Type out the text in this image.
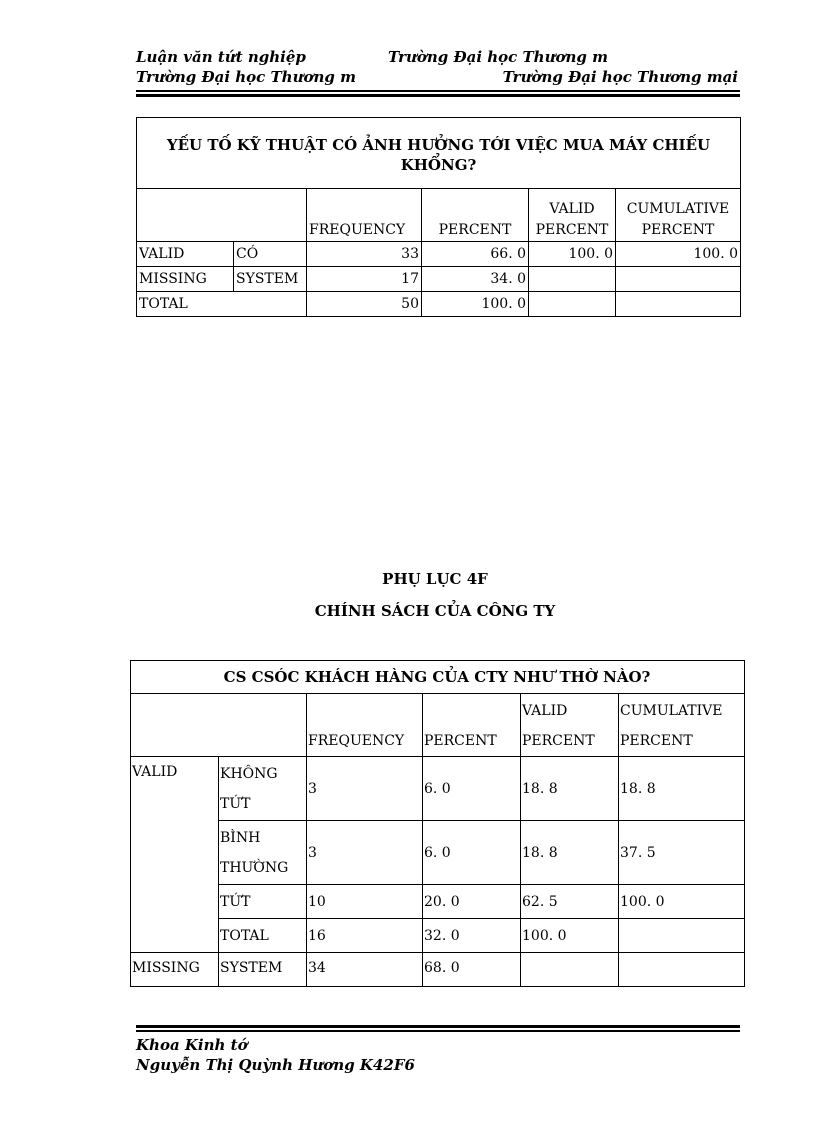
Luận văn tứt nghiệp	Trường Đại học Thương m
Trường Đại học Thương m	Trường Đại học Thương mại
YẾU TỐ KỸ THUẬT CÓ ẢNH HƯỞNG TỚI VIỆC MUA MÁY CHIẾU KHỔNG?					
		FREQUENCY	PERCENT	VALID PERCENT	CUMULATIVE PERCENT
VALID	CÓ	33	66. 0	100. 0	100. 0
MISSING	SYSTEM	17	34. 0		
TOTAL		50	100. 0		
PHỤ LỤC 4F
CHÍNH SÁCH CỦA CÔNG TY
CS CSÓC KHÁCH HÀNG CỦA CTY NHƯ THỜ NÀO?					
		FREQUENCY	PERCENT	VALID PERCENT	CUMULATIVE PERCENT
VALID	KHÔNG TỨT	3	6. 0	18. 8	18. 8
	BÌNH THƯỜNG	3	6. 0	18. 8	37. 5
	TỨT	10	20. 0	62. 5	100. 0
	TOTAL	16	32. 0	100. 0	
MISSING	SYSTEM	34	68. 0		
Khoa Kinh tớ
Nguyễn Thị Quỳnh Hương K42F6
